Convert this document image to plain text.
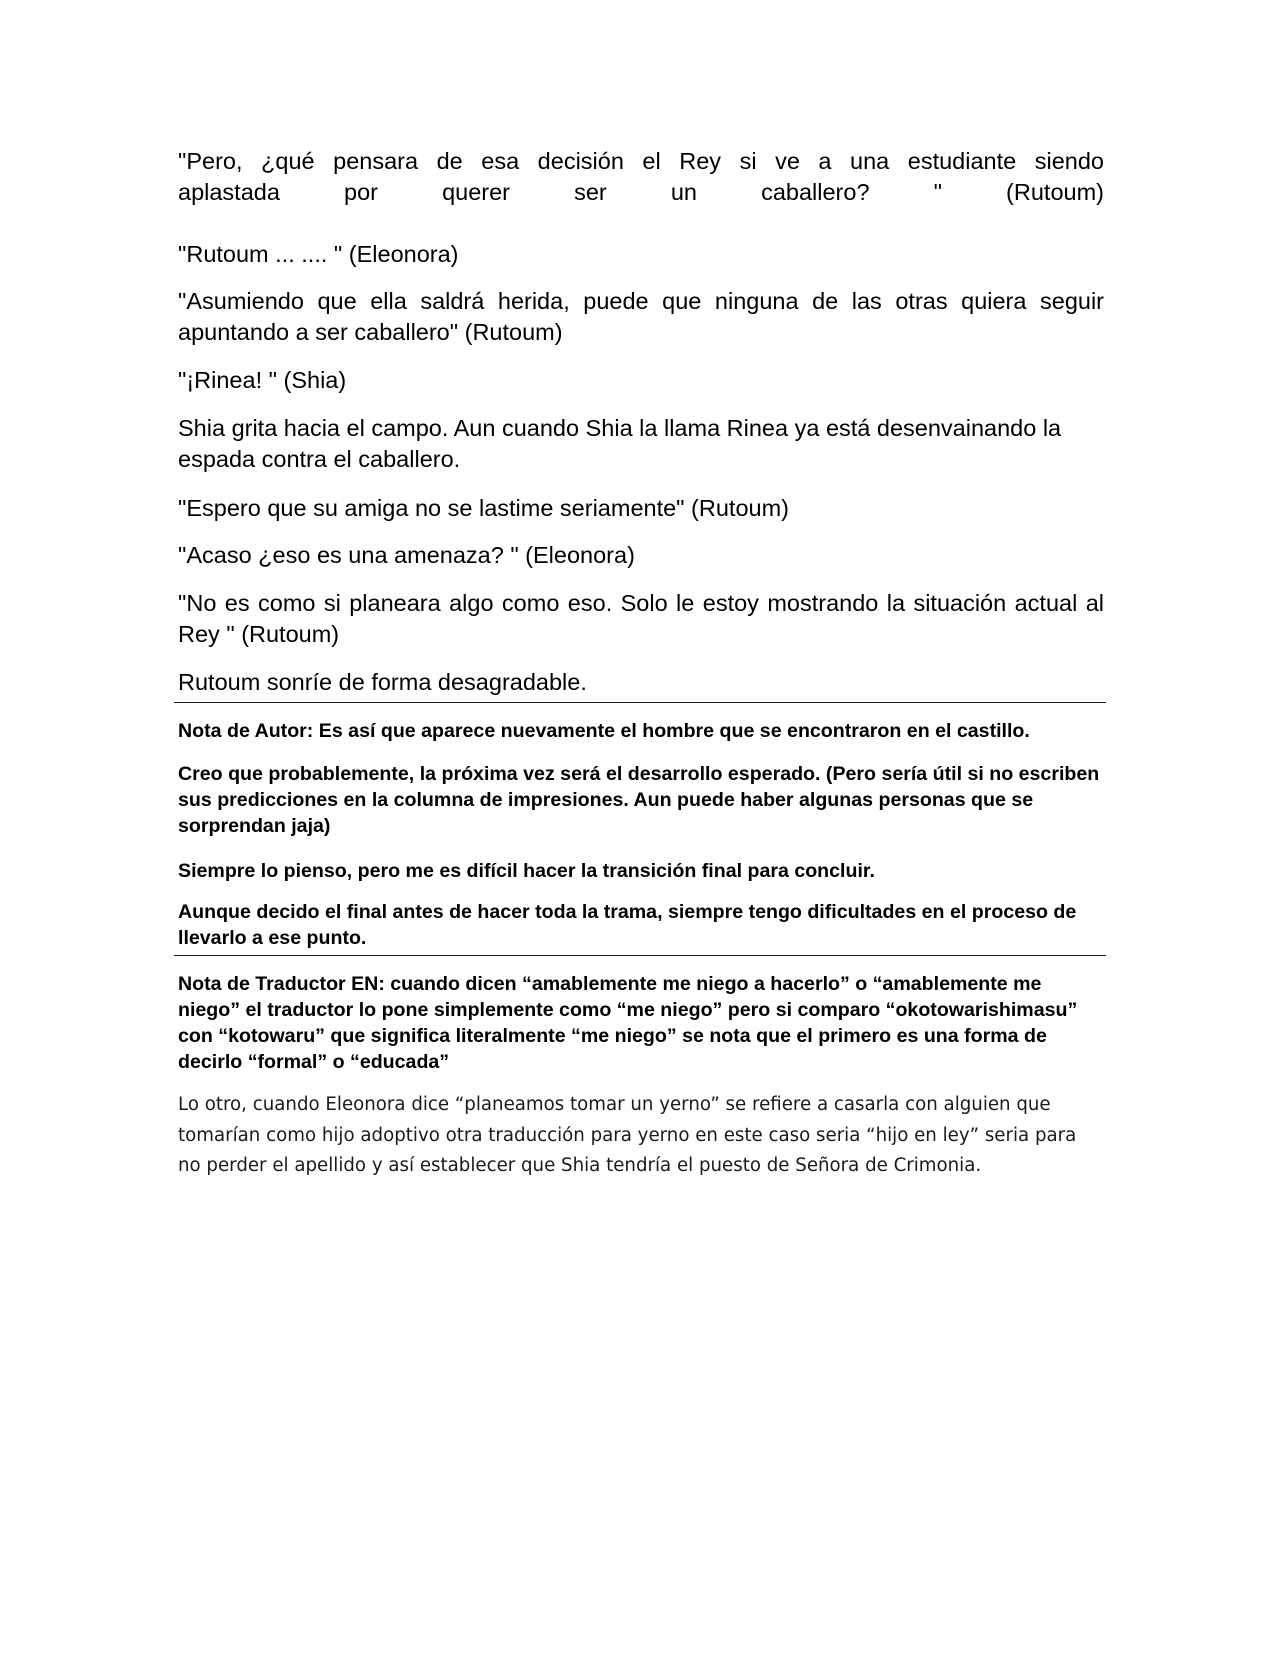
"Pero, ¿qué pensara de esa decisión el Rey si ve a una estudiante siendo

aplastada por querer ser un caballero? " (Rutoum)

"Rutoum ... .... " (Eleonora)

"Asumiendo que ella saldrá herida, puede que ninguna de las otras quiera seguir apuntando a ser caballero" (Rutoum)

"¡Rinea! " (Shia)

Shia grita hacia el campo. Aun cuando Shia la llama Rinea ya está desenvainando la espada contra el caballero.

"Espero que su amiga no se lastime seriamente" (Rutoum)

"Acaso ¿eso es una amenaza? " (Eleonora)

"No es como si planeara algo como eso. Solo le estoy mostrando la situación actual al Rey " (Rutoum)

Rutoum sonríe de forma desagradable.

Nota de Autor: Es así que aparece nuevamente el hombre que se encontraron en el castillo.

Creo que probablemente, la próxima vez será el desarrollo esperado. (Pero sería útil si no escriben sus predicciones en la columna de impresiones. Aun puede haber algunas personas que se sorprendan jaja)

Siempre lo pienso, pero me es difícil hacer la transición final para concluir.

Aunque decido el final antes de hacer toda la trama, siempre tengo dificultades en el proceso de llevarlo a ese punto.

Nota de Traductor EN: cuando dicen “amablemente me niego a hacerlo” o “amablemente me niego” el traductor lo pone simplemente como “me niego” pero si comparo “okotowarishimasu” con “kotowaru” que significa literalmente “me niego” se nota que el primero es una forma de decirlo “formal” o “educada”

Lo otro, cuando Eleonora dice “planeamos tomar un yerno” se refiere a casarla con alguien que tomarían como hijo adoptivo otra traducción para yerno en este caso seria “hijo en ley” seria para no perder el apellido y así establecer que Shia tendría el puesto de Señora de Crimonia.
